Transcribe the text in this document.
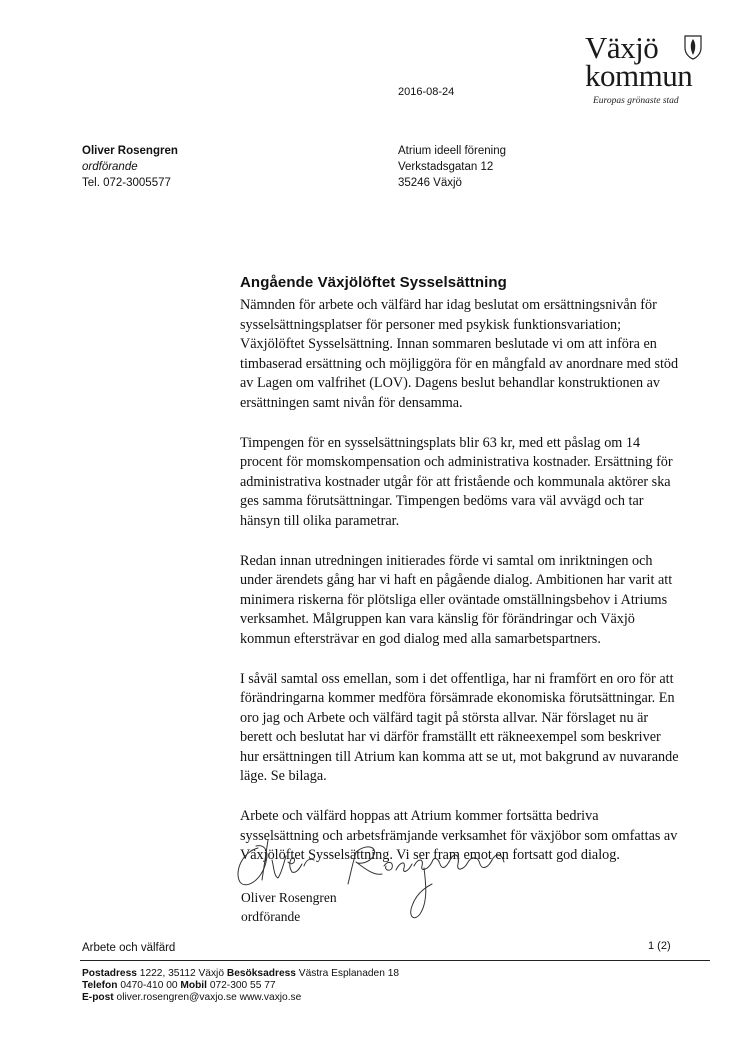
Växjö
kommun
Europas grönaste stad
2016-08-24
Oliver Rosengren
ordförande
Tel. 072-3005577
Atrium ideell förening
Verkstadsgatan 12
35246 Växjö
Angående Växjölöftet Sysselsättning

Nämnden för arbete och välfärd har idag beslutat om ersättningsnivån för sysselsättningsplatser för personer med psykisk funktionsvariation; Växjölöftet Sysselsättning. Innan sommaren beslutade vi om att införa en timbaserad ersättning och möjliggöra för en mångfald av anordnare med stöd av Lagen om valfrihet (LOV). Dagens beslut behandlar konstruktionen av ersättningen samt nivån för densamma.

Timpengen för en sysselsättningsplats blir 63 kr, med ett påslag om 14 procent för momskompensation och administrativa kostnader. Ersättning för administrativa kostnader utgår för att fristående och kommunala aktörer ska ges samma förutsättningar. Timpengen bedöms vara väl avvägd och tar hänsyn till olika parametrar.

Redan innan utredningen initierades förde vi samtal om inriktningen och under ärendets gång har vi haft en pågående dialog. Ambitionen har varit att minimera riskerna för plötsliga eller oväntade omställningsbehov i Atriums verksamhet. Målgruppen kan vara känslig för förändringar och Växjö kommun eftersträvar en god dialog med alla samarbetspartners.

I såväl samtal oss emellan, som i det offentliga, har ni framfört en oro för att förändringarna kommer medföra försämrade ekonomiska förutsättningar. En oro jag och Arbete och välfärd tagit på största allvar. När förslaget nu är berett och beslutat har vi därför framställt ett räkneexempel som beskriver hur ersättningen till Atrium kan komma att se ut, mot bakgrund av nuvarande läge. Se bilaga.

Arbete och välfärd hoppas att Atrium kommer fortsätta bedriva sysselsättning och arbetsfrämjande verksamhet för växjöbor som omfattas av Växjölöftet Sysselsättning. Vi ser fram emot en fortsatt god dialog.

Oliver Rosengren
ordförande
Arbete och välfärd	1 (2)
Postadress 1222, 35112 Växjö Besöksadress Västra Esplanaden 18
Telefon 0470-410 00 Mobil 072-300 55 77
E-post oliver.rosengren@vaxjo.se www.vaxjo.se
